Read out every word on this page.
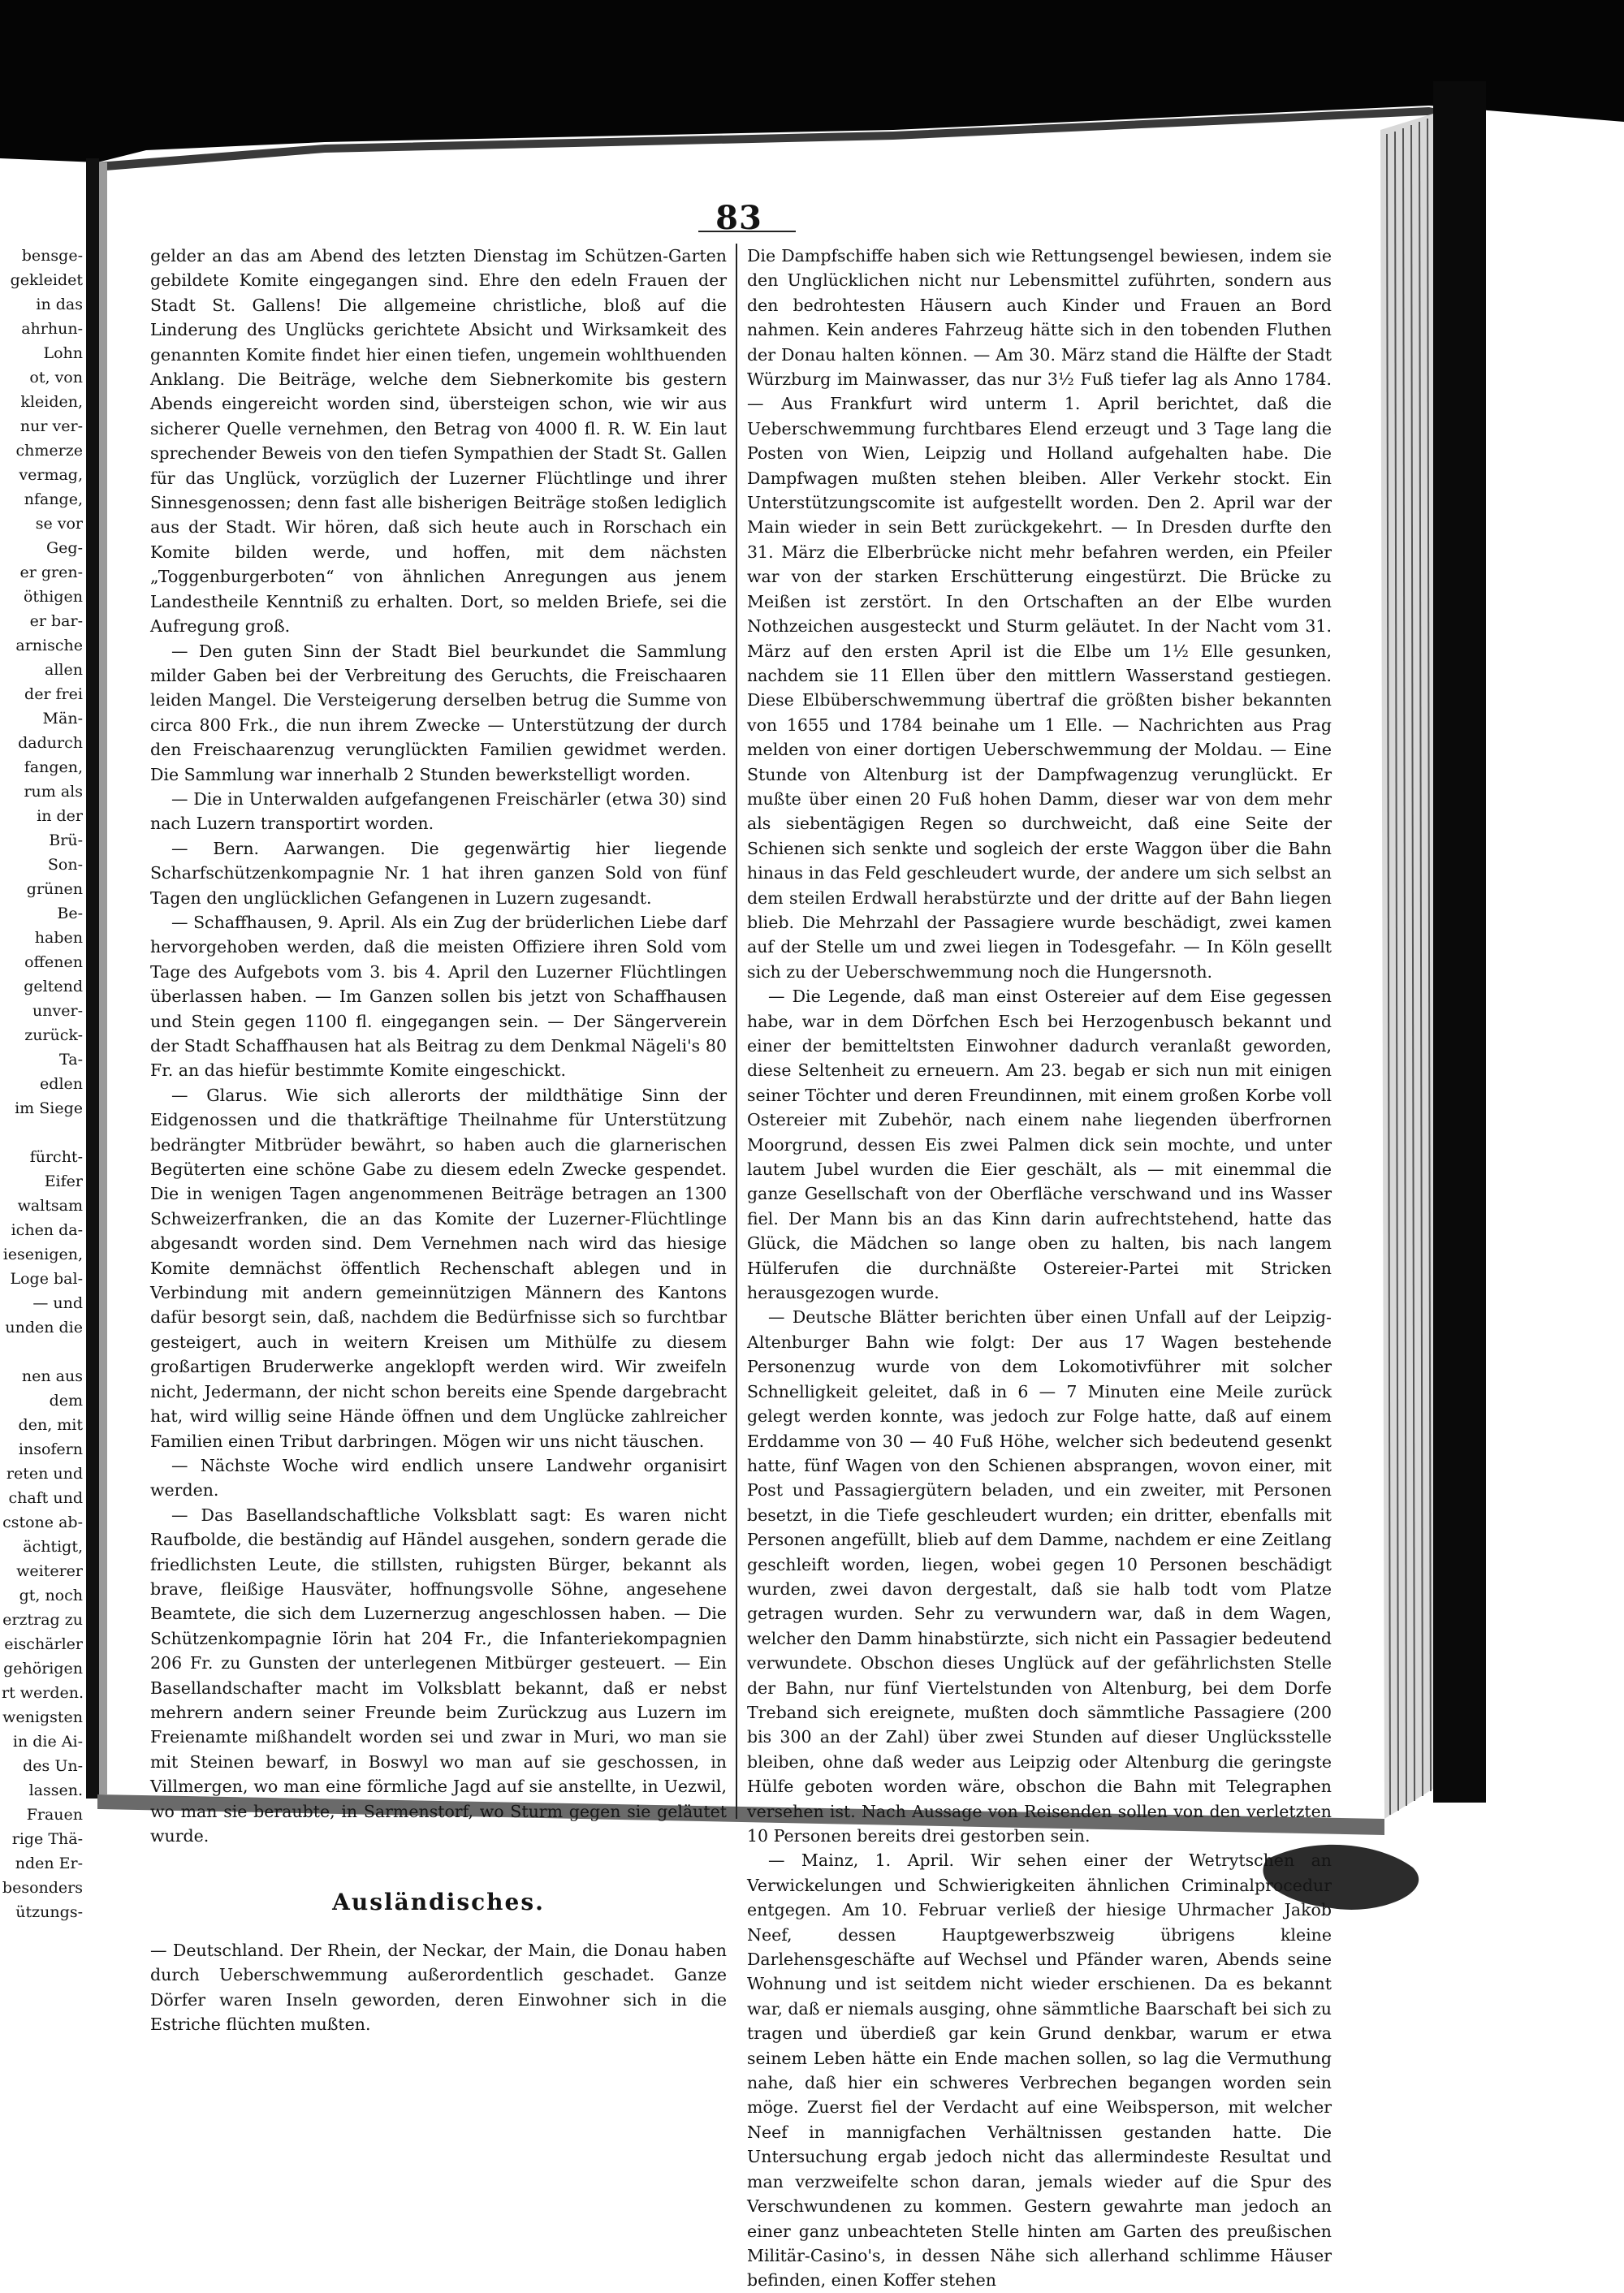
83
bensge-
gekleidet
in das
ahrhun-
Lohn
ot, von
kleiden,
nur ver-
chmerze
vermag,
nfange,
se vor
Geg-
er gren-
öthigen
er bar-
arnische
allen
der frei
Män-
dadurch
fangen,
rum als
in der
Brü-
Son-
grünen
Be-
haben
offenen
geltend
unver-
zurück-
Ta-
edlen
im Siege
fürcht-
Eifer
waltsam
ichen da-
iesenigen,
Loge bal-
— und
unden die
nen aus
dem
den, mit
insofern
reten und
chaft und
cstone ab-
ächtigt,
weiterer
gt, noch
erztrag zu
eischärler
gehörigen
rt werden.
wenigsten
in die Ai-
des Un-
lassen.
Frauen
rige Thä-
nden Er-
besonders
ützungs-

gelder an das am Abend des letzten Dienstag im Schützen-Garten gebildete Komite eingegangen sind. Ehre den edeln Frauen der Stadt St. Gallens! Die allgemeine christliche, bloß auf die Linderung des Unglücks gerichtete Absicht und Wirksamkeit des genannten Komite findet hier einen tiefen, ungemein wohlthuenden Anklang. Die Beiträge, welche dem Siebnerkomite bis gestern Abends eingereicht worden sind, übersteigen schon, wie wir aus sicherer Quelle vernehmen, den Betrag von 4000 fl. R. W. Ein laut sprechender Beweis von den tiefen Sympathien der Stadt St. Gallen für das Unglück, vorzüglich der Luzerner Flüchtlinge und ihrer Sinnesgenossen; denn fast alle bisherigen Beiträge stoßen lediglich aus der Stadt. Wir hören, daß sich heute auch in Rorschach ein Komite bilden werde, und hoffen, mit dem nächsten „Toggenburgerboten“ von ähnlichen Anregungen aus jenem Landestheile Kenntniß zu erhalten. Dort, so melden Briefe, sei die Aufregung groß.

— Den guten Sinn der Stadt Biel beurkundet die Sammlung milder Gaben bei der Verbreitung des Geruchts, die Freischaaren leiden Mangel. Die Versteigerung derselben betrug die Summe von circa 800 Frk., die nun ihrem Zwecke — Unterstützung der durch den Freischaarenzug verunglückten Familien gewidmet werden. Die Sammlung war innerhalb 2 Stunden bewerkstelligt worden.

— Die in Unterwalden aufgefangenen Freischärler (etwa 30) sind nach Luzern transportirt worden.

— Bern. Aarwangen. Die gegenwärtig hier liegende Scharfschützenkompagnie Nr. 1 hat ihren ganzen Sold von fünf Tagen den unglücklichen Gefangenen in Luzern zugesandt.

— Schaffhausen, 9. April. Als ein Zug der brüderlichen Liebe darf hervorgehoben werden, daß die meisten Offiziere ihren Sold vom Tage des Aufgebots vom 3. bis 4. April den Luzerner Flüchtlingen überlassen haben. — Im Ganzen sollen bis jetzt von Schaffhausen und Stein gegen 1100 fl. eingegangen sein. — Der Sängerverein der Stadt Schaffhausen hat als Beitrag zu dem Denkmal Nägeli's 80 Fr. an das hiefür bestimmte Komite eingeschickt.

— Glarus. Wie sich allerorts der mildthätige Sinn der Eidgenossen und die thatkräftige Theilnahme für Unterstützung bedrängter Mitbrüder bewährt, so haben auch die glarnerischen Begüterten eine schöne Gabe zu diesem edeln Zwecke gespendet. Die in wenigen Tagen angenommenen Beiträge betragen an 1300 Schweizerfranken, die an das Komite der Luzerner-Flüchtlinge abgesandt worden sind. Dem Vernehmen nach wird das hiesige Komite demnächst öffentlich Rechenschaft ablegen und in Verbindung mit andern gemeinnützigen Männern des Kantons dafür besorgt sein, daß, nachdem die Bedürfnisse sich so furchtbar gesteigert, auch in weitern Kreisen um Mithülfe zu diesem großartigen Bruderwerke angeklopft werden wird. Wir zweifeln nicht, Jedermann, der nicht schon bereits eine Spende dargebracht hat, wird willig seine Hände öffnen und dem Unglücke zahlreicher Familien einen Tribut darbringen. Mögen wir uns nicht täuschen.

— Nächste Woche wird endlich unsere Landwehr organisirt werden.

— Das Basellandschaftliche Volksblatt sagt: Es waren nicht Raufbolde, die beständig auf Händel ausgehen, sondern gerade die friedlichsten Leute, die stillsten, ruhigsten Bürger, bekannt als brave, fleißige Hausväter, hoffnungsvolle Söhne, angesehene Beamtete, die sich dem Luzernerzug angeschlossen haben. — Die Schützenkompagnie Iörin hat 204 Fr., die Infanteriekompagnien 206 Fr. zu Gunsten der unterlegenen Mitbürger gesteuert. — Ein Basellandschafter macht im Volksblatt bekannt, daß er nebst mehrern andern seiner Freunde beim Zurückzug aus Luzern im Freienamte mißhandelt worden sei und zwar in Muri, wo man sie mit Steinen bewarf, in Boswyl wo man auf sie geschossen, in Villmergen, wo man eine förmliche Jagd auf sie anstellte, in Uezwil, wo man sie beraubte, in Sarmenstorf, wo Sturm gegen sie geläutet wurde.

Ausländisches.

— Deutschland. Der Rhein, der Neckar, der Main, die Donau haben durch Ueberschwemmung außerordentlich geschadet. Ganze Dörfer waren Inseln geworden, deren Einwohner sich in die Estriche flüchten mußten.

Die Dampfschiffe haben sich wie Rettungsengel bewiesen, indem sie den Unglücklichen nicht nur Lebensmittel zuführten, sondern aus den bedrohtesten Häusern auch Kinder und Frauen an Bord nahmen. Kein anderes Fahrzeug hätte sich in den tobenden Fluthen der Donau halten können. — Am 30. März stand die Hälfte der Stadt Würzburg im Mainwasser, das nur 3½ Fuß tiefer lag als Anno 1784. — Aus Frankfurt wird unterm 1. April berichtet, daß die Ueberschwemmung furchtbares Elend erzeugt und 3 Tage lang die Posten von Wien, Leipzig und Holland aufgehalten habe. Die Dampfwagen mußten stehen bleiben. Aller Verkehr stockt. Ein Unterstützungscomite ist aufgestellt worden. Den 2. April war der Main wieder in sein Bett zurückgekehrt. — In Dresden durfte den 31. März die Elberbrücke nicht mehr befahren werden, ein Pfeiler war von der starken Erschütterung eingestürzt. Die Brücke zu Meißen ist zerstört. In den Ortschaften an der Elbe wurden Nothzeichen ausgesteckt und Sturm geläutet. In der Nacht vom 31. März auf den ersten April ist die Elbe um 1½ Elle gesunken, nachdem sie 11 Ellen über den mittlern Wasserstand gestiegen. Diese Elbüberschwemmung übertraf die größten bisher bekannten von 1655 und 1784 beinahe um 1 Elle. — Nachrichten aus Prag melden von einer dortigen Ueberschwemmung der Moldau. — Eine Stunde von Altenburg ist der Dampfwagenzug verunglückt. Er mußte über einen 20 Fuß hohen Damm, dieser war von dem mehr als siebentägigen Regen so durchweicht, daß eine Seite der Schienen sich senkte und sogleich der erste Waggon über die Bahn hinaus in das Feld geschleudert wurde, der andere um sich selbst an dem steilen Erdwall herabstürzte und der dritte auf der Bahn liegen blieb. Die Mehrzahl der Passagiere wurde beschädigt, zwei kamen auf der Stelle um und zwei liegen in Todesgefahr. — In Köln gesellt sich zu der Ueberschwemmung noch die Hungersnoth.

— Die Legende, daß man einst Ostereier auf dem Eise gegessen habe, war in dem Dörfchen Esch bei Herzogenbusch bekannt und einer der bemitteltsten Einwohner dadurch veranlaßt geworden, diese Seltenheit zu erneuern. Am 23. begab er sich nun mit einigen seiner Töchter und deren Freundinnen, mit einem großen Korbe voll Ostereier mit Zubehör, nach einem nahe liegenden überfrornen Moorgrund, dessen Eis zwei Palmen dick sein mochte, und unter lautem Jubel wurden die Eier geschält, als — mit einemmal die ganze Gesellschaft von der Oberfläche verschwand und ins Wasser fiel. Der Mann bis an das Kinn darin aufrechtstehend, hatte das Glück, die Mädchen so lange oben zu halten, bis nach langem Hülferufen die durchnäßte Ostereier-Partei mit Stricken herausgezogen wurde.

— Deutsche Blätter berichten über einen Unfall auf der Leipzig-Altenburger Bahn wie folgt: Der aus 17 Wagen bestehende Personenzug wurde von dem Lokomotivführer mit solcher Schnelligkeit geleitet, daß in 6 — 7 Minuten eine Meile zurück gelegt werden konnte, was jedoch zur Folge hatte, daß auf einem Erddamme von 30 — 40 Fuß Höhe, welcher sich bedeutend gesenkt hatte, fünf Wagen von den Schienen absprangen, wovon einer, mit Post und Passagiergütern beladen, und ein zweiter, mit Personen besetzt, in die Tiefe geschleudert wurden; ein dritter, ebenfalls mit Personen angefüllt, blieb auf dem Damme, nachdem er eine Zeitlang geschleift worden, liegen, wobei gegen 10 Personen beschädigt wurden, zwei davon dergestalt, daß sie halb todt vom Platze getragen wurden. Sehr zu verwundern war, daß in dem Wagen, welcher den Damm hinabstürzte, sich nicht ein Passagier bedeutend verwundete. Obschon dieses Unglück auf der gefährlichsten Stelle der Bahn, nur fünf Viertelstunden von Altenburg, bei dem Dorfe Treband sich ereignete, mußten doch sämmtliche Passagiere (200 bis 300 an der Zahl) über zwei Stunden auf dieser Unglücksstelle bleiben, ohne daß weder aus Leipzig oder Altenburg die geringste Hülfe geboten worden wäre, obschon die Bahn mit Telegraphen versehen ist. Nach Aussage von Reisenden sollen von den verletzten 10 Personen bereits drei gestorben sein.

— Mainz, 1. April. Wir sehen einer der Wetrytschen an Verwickelungen und Schwierigkeiten ähnlichen Criminalprocedur entgegen. Am 10. Februar verließ der hiesige Uhrmacher Jakob Neef, dessen Hauptgewerbszweig übrigens kleine Darlehensgeschäfte auf Wechsel und Pfänder waren, Abends seine Wohnung und ist seitdem nicht wieder erschienen. Da es bekannt war, daß er niemals ausging, ohne sämmtliche Baarschaft bei sich zu tragen und überdieß gar kein Grund denkbar, warum er etwa seinem Leben hätte ein Ende machen sollen, so lag die Vermuthung nahe, daß hier ein schweres Verbrechen begangen worden sein möge. Zuerst fiel der Verdacht auf eine Weibsperson, mit welcher Neef in mannigfachen Verhältnissen gestanden hatte. Die Untersuchung ergab jedoch nicht das allermindeste Resultat und man verzweifelte schon daran, jemals wieder auf die Spur des Verschwundenen zu kommen. Gestern gewahrte man jedoch an einer ganz unbeachteten Stelle hinten am Garten des preußischen Militär-Casino's, in dessen Nähe sich allerhand schlimme Häuser befinden, einen Koffer stehen
